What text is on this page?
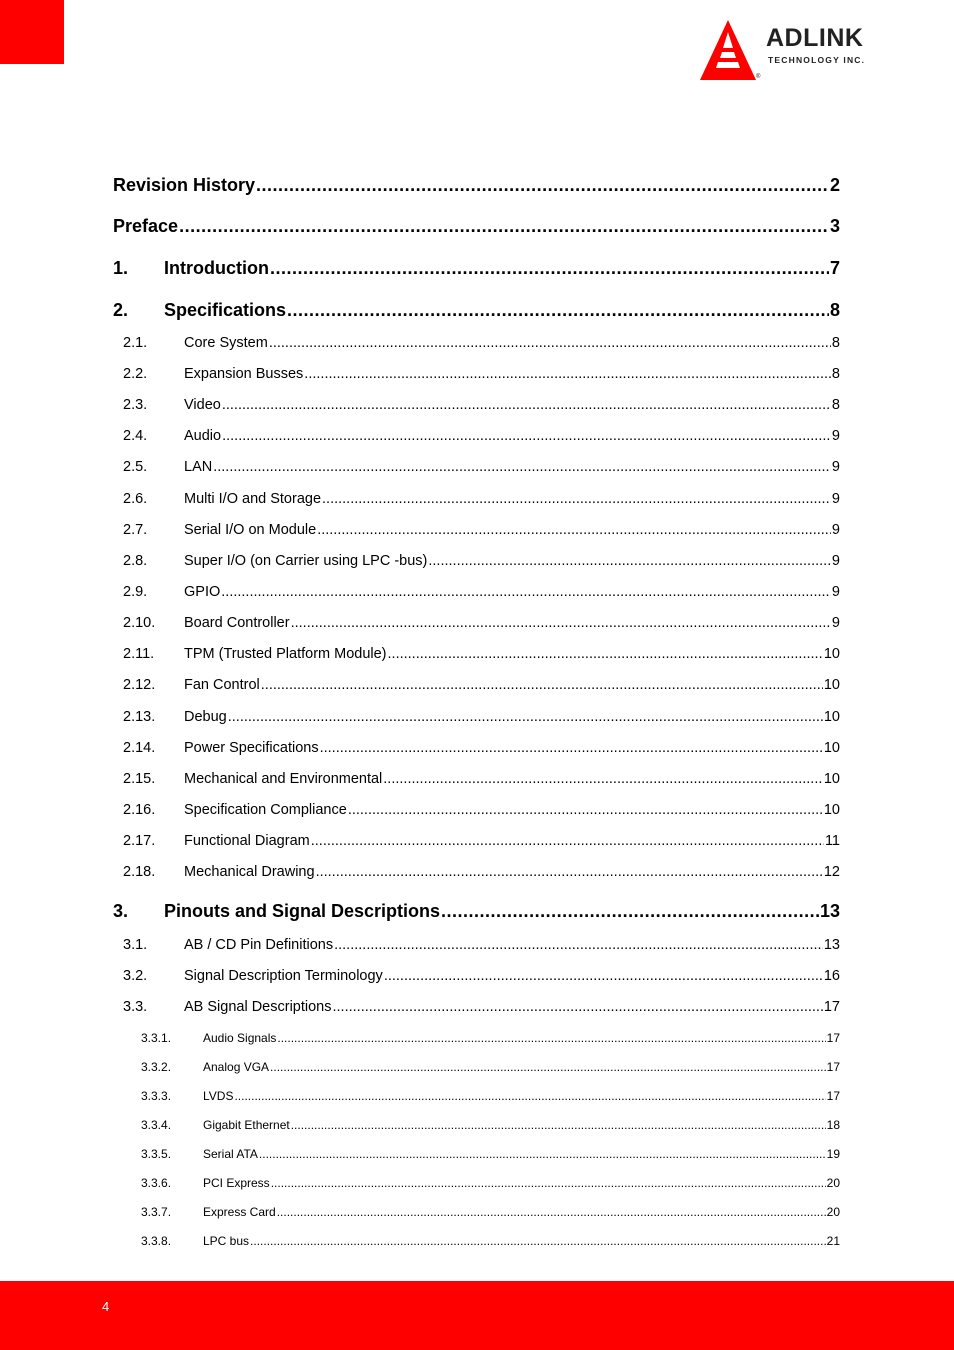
ADLINK
TECHNOLOGY INC.
®
Revision History .....	2
Preface .....	3
1.	Introduction .....	7
2.	Specifications .....	8
2.1.	Core System .....	8
2.2.	Expansion Busses .....	8
2.3.	Video .....	8
2.4.	Audio .....	9
2.5.	LAN .....	9
2.6.	Multi I/O and Storage .....	9
2.7.	Serial I/O on Module .....	9
2.8.	Super I/O (on Carrier using LPC -bus) .....	9
2.9.	GPIO .....	9
2.10.	Board Controller .....	9
2.11.	TPM (Trusted Platform Module) .....	10
2.12.	Fan Control .....	10
2.13.	Debug .....	10
2.14.	Power Specifications .....	10
2.15.	Mechanical and Environmental .....	10
2.16.	Specification Compliance .....	10
2.17.	Functional Diagram .....	11
2.18.	Mechanical Drawing .....	12
3.	Pinouts and Signal Descriptions .....	13
3.1.	AB / CD Pin Definitions .....	13
3.2.	Signal Description Terminology .....	16
3.3.	AB Signal Descriptions .....	17
3.3.1.	Audio Signals .....	17
3.3.2.	Analog VGA .....	17
3.3.3.	LVDS .....	17
3.3.4.	Gigabit Ethernet .....	18
3.3.5.	Serial ATA .....	19
3.3.6.	PCI Express .....	20
3.3.7.	Express Card .....	20
3.3.8.	LPC bus .....	21
4
